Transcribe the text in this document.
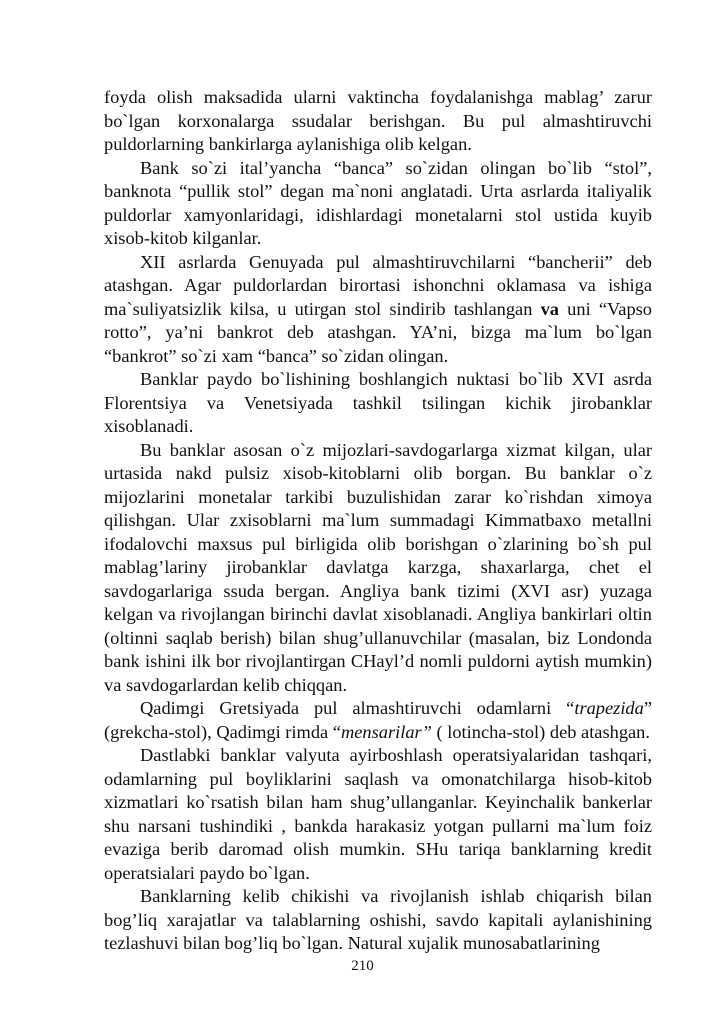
foyda olish maksadida ularni vaktincha foydalanishga mablag’ zarur bo`lgan korxonalarga ssudalar berishgan. Bu pul almashtiruvchi puldorlarning bankirlarga aylanishiga olib kelgan.

Bank so`zi ital’yancha “banca” so`zidan olingan bo`lib “stol”, banknota “pullik stol” degan ma`noni anglatadi. Urta asrlarda italiyalik puldorlar xamyonlaridagi, idishlardagi monetalarni stol ustida kuyib xisob-kitob kilganlar.

XII asrlarda Genuyada pul almashtiruvchilarni “bancherii” deb atashgan. Agar puldorlardan birortasi ishonchni oklamasa va ishiga ma`suliyatsizlik kilsa, u utirgan stol sindirib tashlangan va uni “Vapso rotto”, ya’ni bankrot deb atashgan. YA’ni, bizga ma`lum bo`lgan “bankrot” so`zi xam “banca” so`zidan olingan.

Banklar paydo bo`lishining boshlangich nuktasi bo`lib XVI asrda Florentsiya va Venetsiyada tashkil tsilingan kichik jirobanklar xisoblanadi.

Bu banklar asosan o`z mijozlari-savdogarlarga xizmat kilgan, ular urtasida nakd pulsiz xisob-kitoblarni olib borgan. Bu banklar o`z mijozlarini monetalar tarkibi buzulishidan zarar ko`rishdan ximoya qilishgan. Ular zxisoblarni ma`lum summadagi Kimmatbaxo metallni ifodalovchi maxsus pul birligida olib borishgan o`zlarining bo`sh pul mablag’lariny jirobanklar davlatga karzga, shaxarlarga, chet el savdogarlariga ssuda bergan. Angliya bank tizimi (XVI asr) yuzaga kelgan va rivojlangan birinchi davlat xisoblanadi. Angliya bankirlari oltin (oltinni saqlab berish) bilan shug’ullanuvchilar (masalan, biz Londonda bank ishini ilk bor rivojlantirgan CHayl’d nomli puldorni aytish mumkin) va savdogarlardan kelib chiqqan.

Qadimgi Gretsiyada pul almashtiruvchi odamlarni “trapezida” (grekcha-stol), Qadimgi rimda “mensarilar” ( lotincha-stol) deb atashgan.

Dastlabki banklar valyuta ayirboshlash operatsiyalaridan tashqari, odamlarning pul boyliklarini saqlash va omonatchilarga hisob-kitob xizmatlari ko`rsatish bilan ham shug’ullanganlar. Keyinchalik bankerlar shu narsani tushindiki , bankda harakasiz yotgan pullarni ma`lum foiz evaziga berib daromad olish mumkin. SHu tariqa banklarning kredit operatsialari paydo bo`lgan.

Banklarning kelib chikishi va rivojlanish ishlab chiqarish bilan bog’liq xarajatlar va talablarning oshishi, savdo kapitali aylanishining tezlashuvi bilan bog’liq bo`lgan. Natural xujalik munosabatlarining

210
